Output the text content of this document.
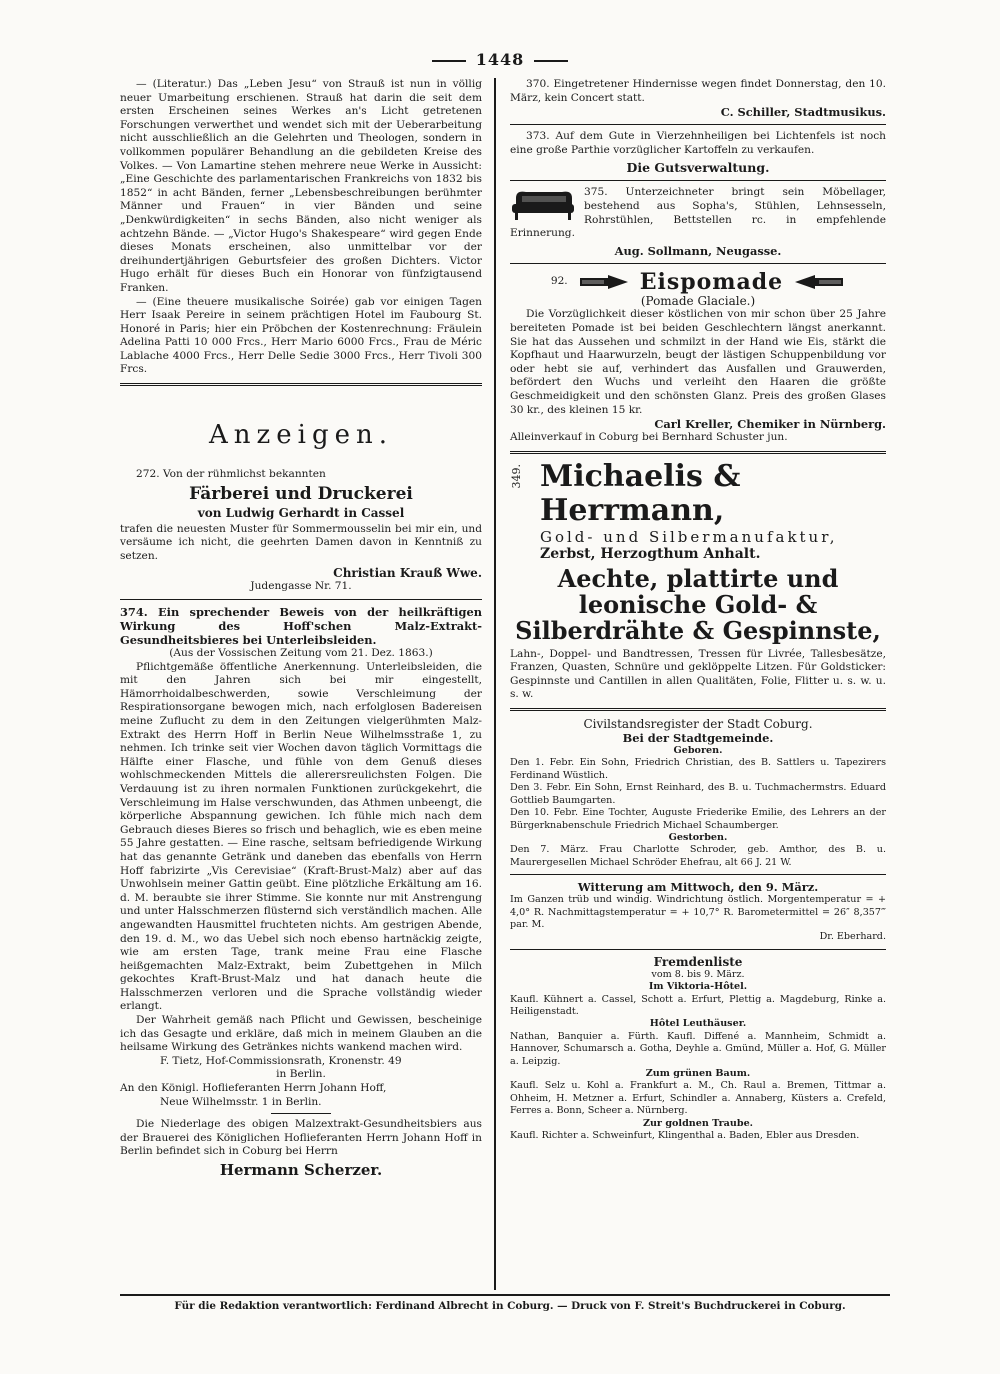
1448

— (Literatur.) Das „Leben Jesu“ von Strauß ist nun in völlig neuer Umarbeitung erschienen. Strauß hat darin die seit dem ersten Erscheinen seines Werkes an's Licht getretenen Forschungen verwerthet und wendet sich mit der Ueberarbeitung nicht ausschließlich an die Gelehrten und Theologen, sondern in vollkommen populärer Behandlung an die gebildeten Kreise des Volkes. — Von Lamartine stehen mehrere neue Werke in Aussicht: „Eine Geschichte des parlamentarischen Frankreichs von 1832 bis 1852“ in acht Bänden, ferner „Lebensbeschreibungen berühmter Männer und Frauen“ in vier Bänden und seine „Denkwürdigkeiten“ in sechs Bänden, also nicht weniger als achtzehn Bände. — „Victor Hugo's Shakespeare“ wird gegen Ende dieses Monats erscheinen, also unmittelbar vor der dreihundertjährigen Geburtsfeier des großen Dichters. Victor Hugo erhält für dieses Buch ein Honorar von fünfzigtausend Franken.

— (Eine theuere musikalische Soirée) gab vor einigen Tagen Herr Isaak Pereire in seinem prächtigen Hotel im Faubourg St. Honoré in Paris; hier ein Pröbchen der Kostenrechnung: Fräulein Adelina Patti 10 000 Frcs., Herr Mario 6000 Frcs., Frau de Méric Lablache 4000 Frcs., Herr Delle Sedie 3000 Frcs., Herr Tivoli 300 Frcs.

Anzeigen.

272. Von der rühmlichst bekannten

Färberei und Druckerei
von Ludwig Gerhardt in Cassel

trafen die neuesten Muster für Sommermousselin bei mir ein, und versäume ich nicht, die geehrten Damen davon in Kenntniß zu setzen.

Christian Krauß Wwe.
Judengasse Nr. 71.

374. Ein sprechender Beweis von der heilkräftigen Wirkung des Hoff'schen Malz-Extrakt-Gesundheitsbieres bei Unterleibsleiden.

(Aus der Vossischen Zeitung vom 21. Dez. 1863.)

Pflichtgemäße öffentliche Anerkennung. Unterleibsleiden, die mit den Jahren sich bei mir eingestellt, Hämorrhoidalbeschwerden, sowie Verschleimung der Respirationsorgane bewogen mich, nach erfolglosen Badereisen meine Zuflucht zu dem in den Zeitungen vielgerühmten Malz-Extrakt des Herrn Hoff in Berlin Neue Wilhelmsstraße 1, zu nehmen. Ich trinke seit vier Wochen davon täglich Vormittags die Hälfte einer Flasche, und fühle von dem Genuß dieses wohlschmeckenden Mittels die allerersreulichsten Folgen. Die Verdauung ist zu ihren normalen Funktionen zurückgekehrt, die Verschleimung im Halse verschwunden, das Athmen unbeengt, die körperliche Abspannung gewichen. Ich fühle mich nach dem Gebrauch dieses Bieres so frisch und behaglich, wie es eben meine 55 Jahre gestatten. — Eine rasche, seltsam befriedigende Wirkung hat das genannte Getränk und daneben das ebenfalls von Herrn Hoff fabrizirte „Vis Cerevisiae“ (Kraft-Brust-Malz) aber auf das Unwohlsein meiner Gattin geübt. Eine plötzliche Erkältung am 16. d. M. beraubte sie ihrer Stimme. Sie konnte nur mit Anstrengung und unter Halsschmerzen flüsternd sich verständlich machen. Alle angewandten Hausmittel fruchteten nichts. Am gestrigen Abende, den 19. d. M., wo das Uebel sich noch ebenso hartnäckig zeigte, wie am ersten Tage, trank meine Frau eine Flasche heißgemachten Malz-Extrakt, beim Zubettgehen in Milch gekochtes Kraft-Brust-Malz und hat danach heute die Halsschmerzen verloren und die Sprache vollständig wieder erlangt.

Der Wahrheit gemäß nach Pflicht und Gewissen, bescheinige ich das Gesagte und erkläre, daß mich in meinem Glauben an die heilsame Wirkung des Getränkes nichts wankend machen wird.

F. Tietz, Hof-Commissionsrath, Kronenstr. 49
in Berlin.
An den Königl. Hoflieferanten Herrn Johann Hoff,
Neue Wilhelmsstr. 1 in Berlin.

Die Niederlage des obigen Malzextrakt-Gesundheitsbiers aus der Brauerei des Königlichen Hoflieferanten Herrn Johann Hoff in Berlin befindet sich in Coburg bei Herrn

Hermann Scherzer.

370. Eingetretener Hindernisse wegen findet Donnerstag, den 10. März, kein Concert statt.

C. Schiller, Stadtmusikus.

373. Auf dem Gute in Vierzehnheiligen bei Lichtenfels ist noch eine große Parthie vorzüglicher Kartoffeln zu verkaufen.

Die Gutsverwaltung.

375. Unterzeichneter bringt sein Möbellager, bestehend aus Sopha's, Stühlen, Lehnsesseln, Rohrstühlen, Bettstellen rc. in empfehlende Erinnerung.

Aug. Sollmann, Neugasse.
92.	Eispomade
(Pomade Glaciale.)

Die Vorzüglichkeit dieser köstlichen von mir schon über 25 Jahre bereiteten Pomade ist bei beiden Geschlechtern längst anerkannt. Sie hat das Aussehen und schmilzt in der Hand wie Eis, stärkt die Kopfhaut und Haarwurzeln, beugt der lästigen Schuppenbildung vor oder hebt sie auf, verhindert das Ausfallen und Grauwerden, befördert den Wuchs und verleiht den Haaren die größte Geschmeidigkeit und den schönsten Glanz. Preis des großen Glases 30 kr., des kleinen 15 kr.

Carl Kreller, Chemiker in Nürnberg.
Alleinverkauf in Coburg bei Bernhard Schuster jun.
349. Michaelis & Herrmann,
Gold- und Silbermanufaktur,
Zerbst, Herzogthum Anhalt.
Aechte, plattirte und leonische Gold- & Silberdrähte & Gespinnste,

Lahn-, Doppel- und Bandtressen, Tressen für Livrée, Tallesbesätze, Franzen, Quasten, Schnüre und geklöppelte Litzen. Für Goldsticker: Gespinnste und Cantillen in allen Qualitäten, Folie, Flitter u. s. w. u. s. w.

Civilstandsregister der Stadt Coburg.
Bei der Stadtgemeinde.
Geboren.
Den 1. Febr. Ein Sohn, Friedrich Christian, des B. Sattlers u. Tapezirers Ferdinand Wüstlich.
Den 3. Febr. Ein Sohn, Ernst Reinhard, des B. u. Tuchmachermstrs. Eduard Gottlieb Baumgarten.
Den 10. Febr. Eine Tochter, Auguste Friederike Emilie, des Lehrers an der Bürgerknabenschule Friedrich Michael Schaumberger.
Gestorben.
Den 7. März. Frau Charlotte Schroder, geb. Amthor, des B. u. Maurergesellen Michael Schröder Ehefrau, alt 66 J. 21 W.
Witterung am Mittwoch, den 9. März.

Im Ganzen trüb und windig. Windrichtung östlich. Morgentemperatur = + 4,0° R. Nachmittagstemperatur = + 10,7° R. Barometermittel = 26″ 8,357‴ par. M.

Dr. Eberhard.
Fremdenliste
vom 8. bis 9. März.
Im Viktoria-Hôtel.

Kaufl. Kühnert a. Cassel, Schott a. Erfurt, Plettig a. Magdeburg, Rinke a. Heiligenstadt.

Hôtel Leuthäuser.

Nathan, Banquier a. Fürth. Kaufl. Diffené a. Mannheim, Schmidt a. Hannover, Schumarsch a. Gotha, Deyhle a. Gmünd, Müller a. Hof, G. Müller a. Leipzig.

Zum grünen Baum.

Kaufl. Selz u. Kohl a. Frankfurt a. M., Ch. Raul a. Bremen, Tittmar a. Ohheim, H. Metzner a. Erfurt, Schindler a. Annaberg, Küsters a. Crefeld, Ferres a. Bonn, Scheer a. Nürnberg.

Zur goldnen Traube.

Kaufl. Richter a. Schweinfurt, Klingenthal a. Baden, Ebler aus Dresden.

Für die Redaktion verantwortlich: Ferdinand Albrecht in Coburg. — Druck von F. Streit's Buchdruckerei in Coburg.
